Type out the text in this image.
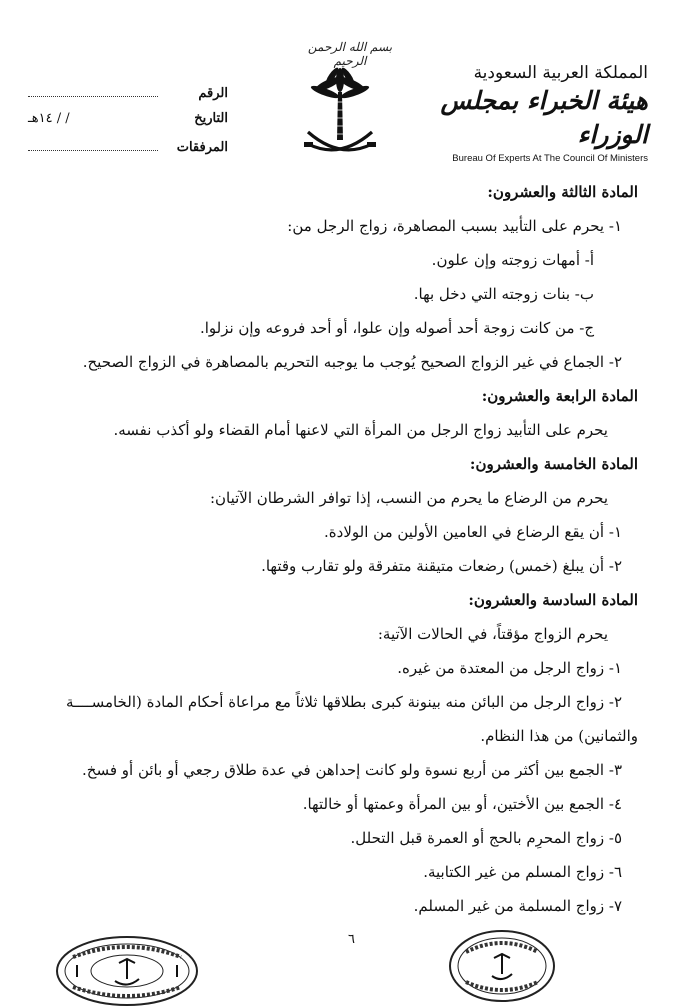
بسم الله الرحمن الرحيم
المملكة العربية السعودية
هيئة الخبراء بمجلس الوزراء
Bureau Of Experts At The Council Of Ministers
الرقم
التاريخ
/ / ١٤هـ
المرفقات
المادة الثالثة والعشرون:
١- يحرم على التأبيد بسبب المصاهرة، زواج الرجل من:
أ- أمهات زوجته وإن علون.
ب- بنات زوجته التي دخل بها.
ج- من كانت زوجة أحد أصوله وإن علوا، أو أحد فروعه وإن نزلوا.
٢- الجماع في غير الزواج الصحيح يُوجب ما يوجبه التحريم بالمصاهرة في الزواج الصحيح.
المادة الرابعة والعشرون:
يحرم على التأبيد زواج الرجل من المرأة التي لاعنها أمام القضاء ولو أكذب نفسه.
المادة الخامسة والعشرون:
يحرم من الرضاع ما يحرم من النسب، إذا توافر الشرطان الآتيان:
١- أن يقع الرضاع في العامين الأولين من الولادة.
٢- أن يبلغ (خمس) رضعات متيقنة متفرقة ولو تقارب وقتها.
المادة السادسة والعشرون:
يحرم الزواج مؤقتاً، في الحالات الآتية:
١- زواج الرجل من المعتدة من غيره.
٢- زواج الرجل من البائن منه بينونة كبرى بطلاقها ثلاثاً مع مراعاة أحكام المادة (الخامســــة
والثمانين) من هذا النظام.
٣- الجمع بين أكثر من أربع نسوة ولو كانت إحداهن في عدة طلاق رجعي أو بائن أو فسخ.
٤- الجمع بين الأختين، أو بين المرأة وعمتها أو خالتها.
٥- زواج المحرِم بالحج أو العمرة قبل التحلل.
٦- زواج المسلم من غير الكتابية.
٧- زواج المسلمة من غير المسلم.
٦
